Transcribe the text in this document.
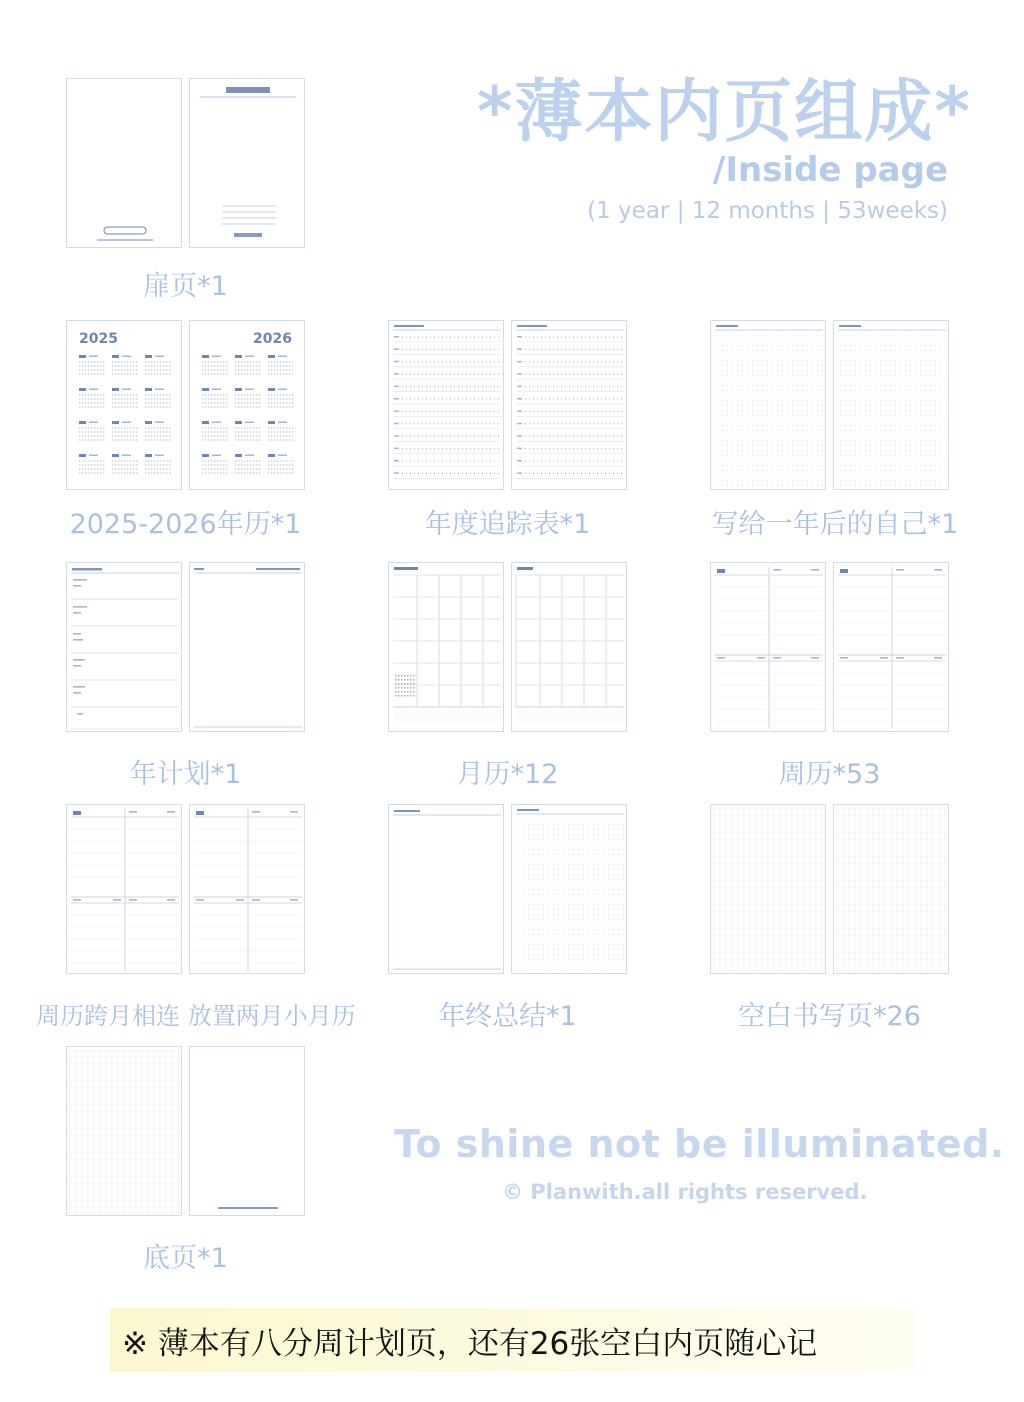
*薄本内页组成*
/Inside page
(1 year | 12 months | 53weeks)
扉页*1
2025	2026
2025-2026年历*1	年度追踪表*1	写给一年后的自己*1
年计划*1	月历*12	周历*53
周历跨月相连 放置两月小月历	年终总结*1	空白书写页*26
底页*1
To shine not be illuminated.
© Planwith.all rights reserved.
※ 薄本有八分周计划页，还有26张空白内页随心记
